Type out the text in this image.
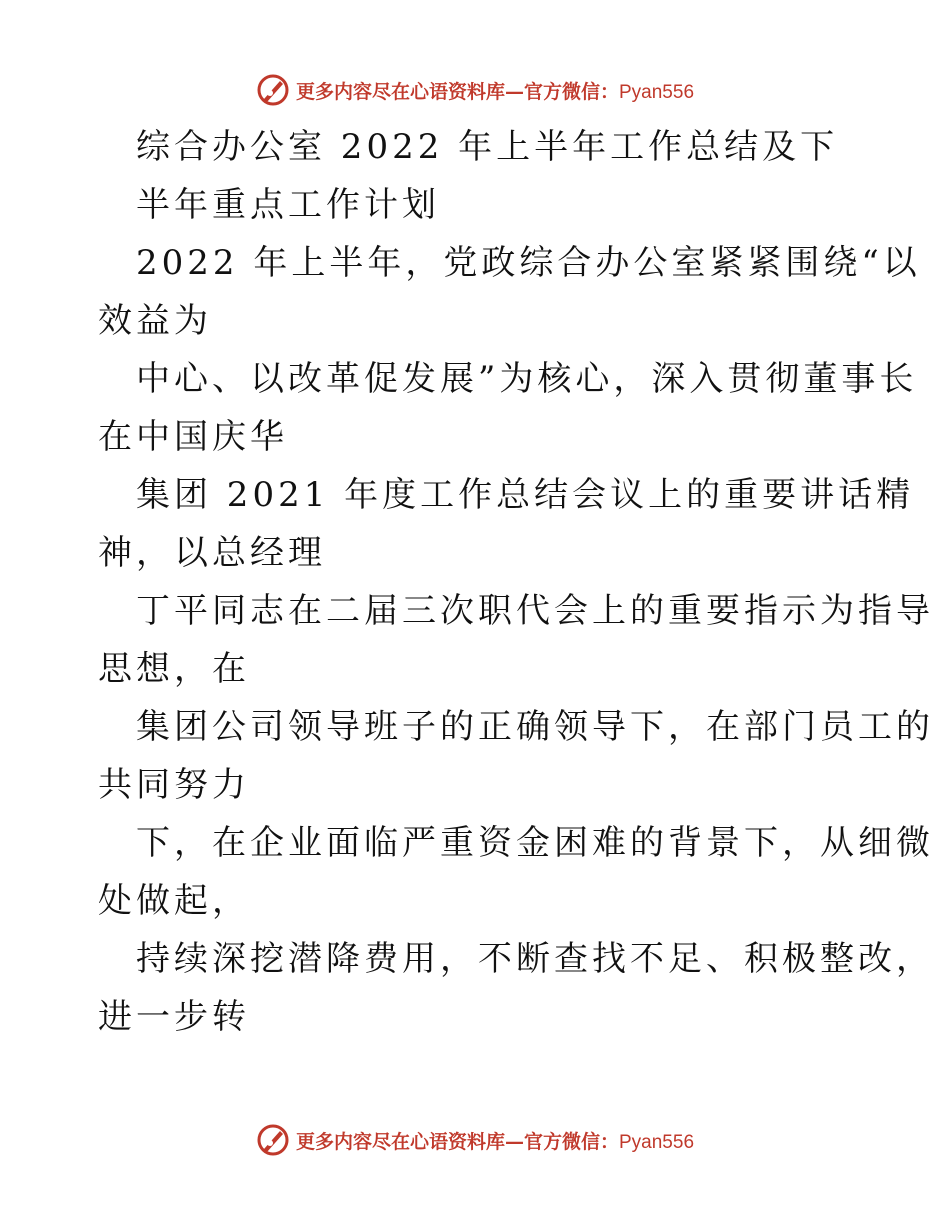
更多内容尽在心语资料库—官方微信：Pyan556
综合办公室 2022 年上半年工作总结及下
半年重点工作计划
2022 年上半年，党政综合办公室紧紧围绕“以
效益为
中心、以改革促发展”为核心，深入贯彻董事长
在中国庆华
集团 2021 年度工作总结会议上的重要讲话精
神，以总经理
丁平同志在二届三次职代会上的重要指示为指导
思想，在
集团公司领导班子的正确领导下，在部门员工的
共同努力
下，在企业面临严重资金困难的背景下，从细微
处做起，
持续深挖潜降费用，不断查找不足、积极整改，
进一步转
更多内容尽在心语资料库—官方微信：Pyan556
